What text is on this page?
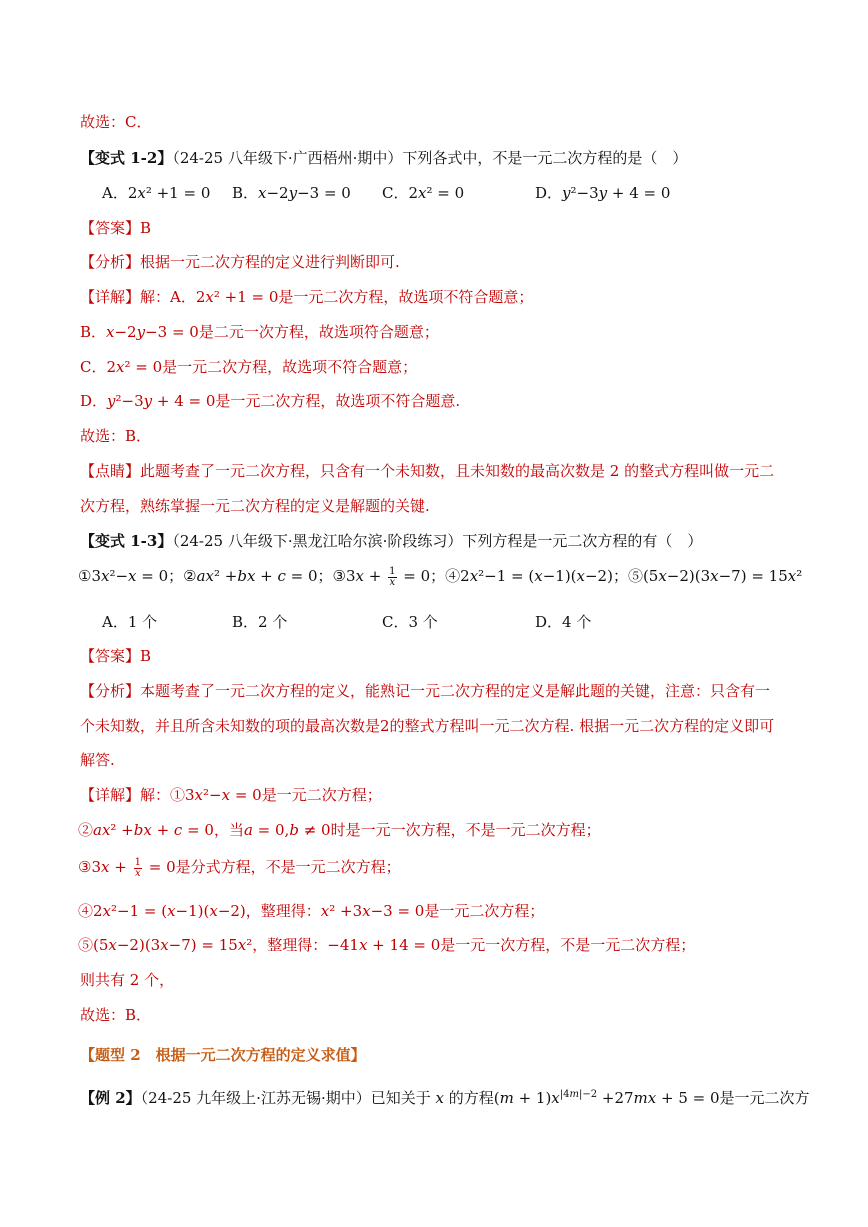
故选：C．
【变式 1-2】（24-25 八年级下·广西梧州·期中）下列各式中，不是一元二次方程的是（　）
A．2𝑥² +1 = 0 B．𝑥−2𝑦−3 = 0 C．2𝑥² = 0	D．𝑦²−3𝑦 + 4 = 0
【答案】B
【分析】根据一元二次方程的定义进行判断即可.
【详解】解：A．2𝑥² +1 = 0是一元二次方程，故选项不符合题意；
B．𝑥−2𝑦−3 = 0是二元一次方程，故选项符合题意；
C．2𝑥² = 0是一元二次方程，故选项不符合题意；
D．𝑦²−3𝑦 + 4 = 0是一元二次方程，故选项不符合题意.
故选：B．
【点睛】此题考查了一元二次方程，只含有一个未知数，且未知数的最高次数是 2 的整式方程叫做一元二
次方程，熟练掌握一元二次方程的定义是解题的关键.
【变式 1-3】（24-25 八年级下·黑龙江哈尔滨·阶段练习）下列方程是一元二次方程的有（　）
①3𝑥²−𝑥 = 0；②𝑎𝑥² +𝑏𝑥 + 𝑐 = 0；③3𝑥 + $\frac{1}{\text{𝑥}} = 0$；④2𝑥²−1 = (𝑥−1)(𝑥−2)；⑤(5𝑥−2)(3𝑥−7) = 15𝑥²
A．1 个	B．2 个	C．3 个	D．4 个
【答案】B
【分析】本题考查了一元二次方程的定义，能熟记一元二次方程的定义是解此题的关键，注意：只含有一
个未知数，并且所含未知数的项的最高次数是2的整式方程叫一元二次方程. 根据一元二次方程的定义即可
解答.
【详解】解：①3𝑥²−𝑥 = 0是一元二次方程；
②𝑎𝑥² +𝑏𝑥 + 𝑐 = 0，当𝑎 = 0,𝑏 ≠ 0时是一元一次方程，不是一元二次方程；
③3𝑥 + $\frac{1}{\text{𝑥}} = 0$是分式方程，不是一元二次方程；
④2𝑥²−1 = (𝑥−1)(𝑥−2)，整理得：𝑥² +3𝑥−3 = 0是一元二次方程；
⑤(5𝑥−2)(3𝑥−7) = 15𝑥²，整理得：−41𝑥 + 14 = 0是一元一次方程，不是一元二次方程；
则共有 2 个，
故选：B．
【题型 2　根据一元二次方程的定义求值】
【例 2】（24-25 九年级上·江苏无锡·期中）已知关于 𝑥 的方程(𝑚 + 1)𝑥$^{|4𝑚|-2}$ +27𝑚𝑥 + 5 = 0是一元二次方
